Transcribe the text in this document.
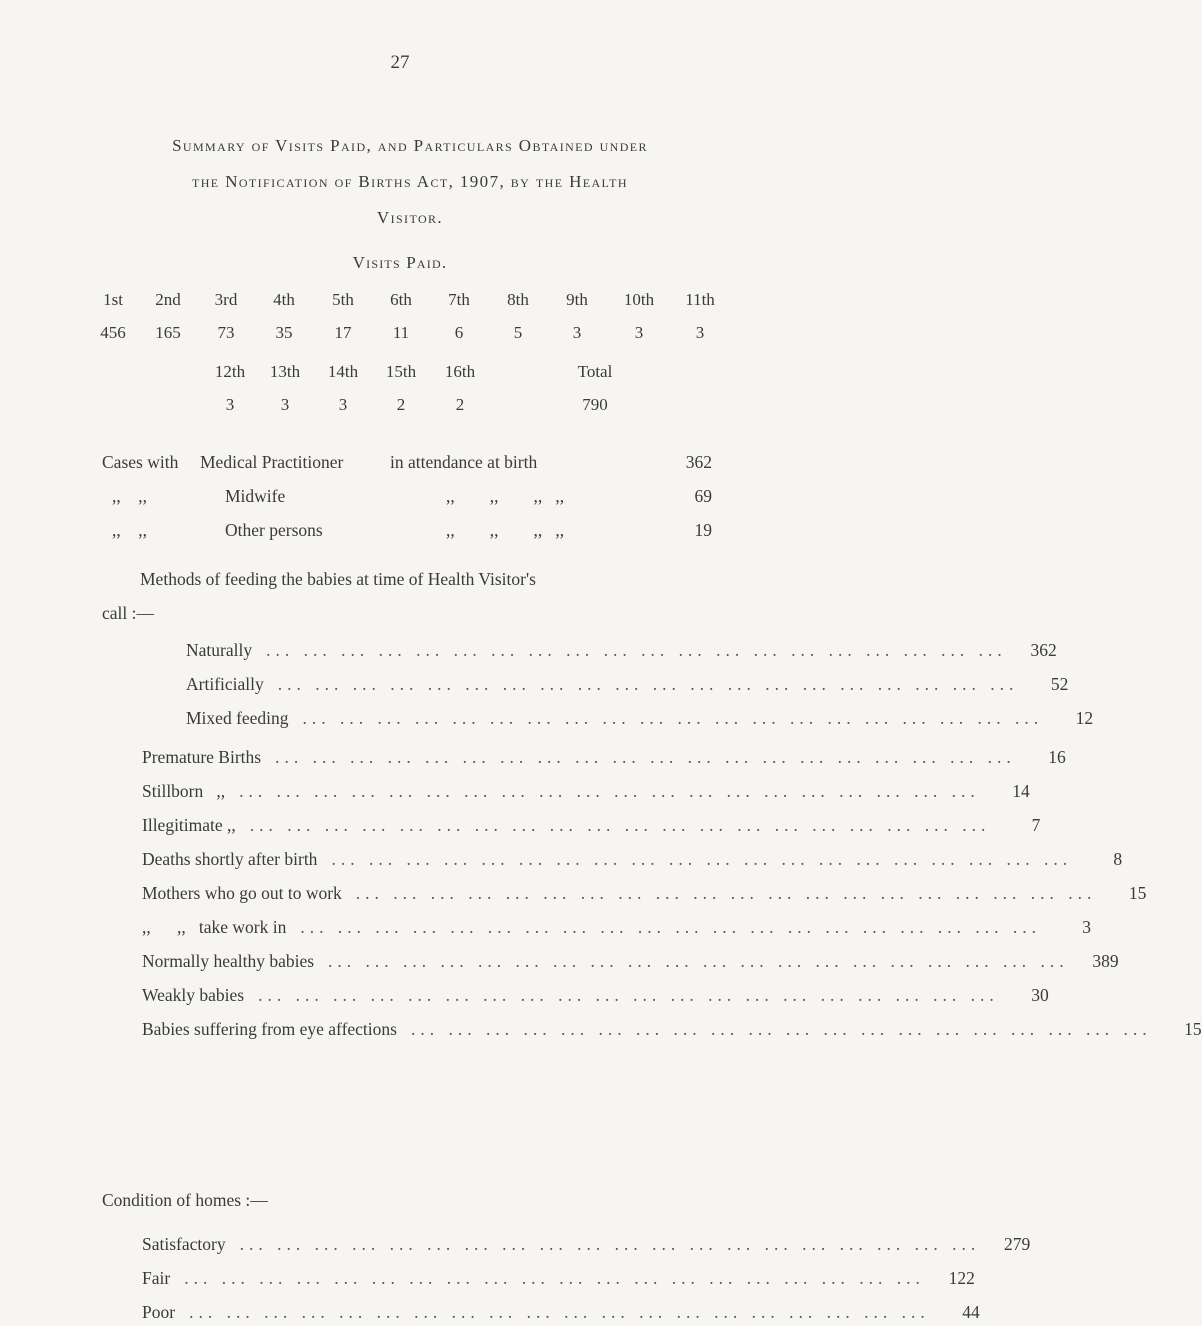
27
Summary of Visits Paid, and Particulars Obtained under
the Notification of Births Act, 1907, by the Health
Visitor.
Visits Paid.
1st	2nd	3rd	4th	5th	6th	7th	8th	9th	10th	11th
456	165	73	35	17	11	6	5	3	3	3
12th	13th	14th	15th	16th	Total
3	3	3	2	2	790
Cases with Medical Practitioner	in attendance at birth	362
,,    ,,	Midwife	,,        ,,        ,,   ,,	69
,,    ,,	Other persons	,,        ,,        ,,   ,,	19
Methods of feeding the babies at time of Health Visitor's
call :—
Naturally ... ... ... ... ... ... ... ... ... ... ... ... ... ... ... ... ... ... ... ...	362
Artificially ... ... ... ... ... ... ... ... ... ... ... ... ... ... ... ... ... ... ... ...	52
Mixed feeding ... ... ... ... ... ... ... ... ... ... ... ... ... ... ... ... ... ... ... ...	12
Premature Births ... ... ... ... ... ... ... ... ... ... ... ... ... ... ... ... ... ... ... ...	16
Stillborn   ,, ... ... ... ... ... ... ... ... ... ... ... ... ... ... ... ... ... ... ... ...	14
Illegitimate ,, ... ... ... ... ... ... ... ... ... ... ... ... ... ... ... ... ... ... ... ...	7
Deaths shortly after birth ... ... ... ... ... ... ... ... ... ... ... ... ... ... ... ... ... ... ... ...	8
Mothers who go out to work ... ... ... ... ... ... ... ... ... ... ... ... ... ... ... ... ... ... ... ...	15
,,      ,,   take work in ... ... ... ... ... ... ... ... ... ... ... ... ... ... ... ... ... ... ... ...	3
Normally healthy babies ... ... ... ... ... ... ... ... ... ... ... ... ... ... ... ... ... ... ... ...	389
Weakly babies ... ... ... ... ... ... ... ... ... ... ... ... ... ... ... ... ... ... ... ...	30
Babies suffering from eye affections ... ... ... ... ... ... ... ... ... ... ... ... ... ... ... ... ... ... ... ...	15
Condition of homes :—
Satisfactory ... ... ... ... ... ... ... ... ... ... ... ... ... ... ... ... ... ... ... ...	279
Fair ... ... ... ... ... ... ... ... ... ... ... ... ... ... ... ... ... ... ... ...	122
Poor ... ... ... ... ... ... ... ... ... ... ... ... ... ... ... ... ... ... ... ...	44
